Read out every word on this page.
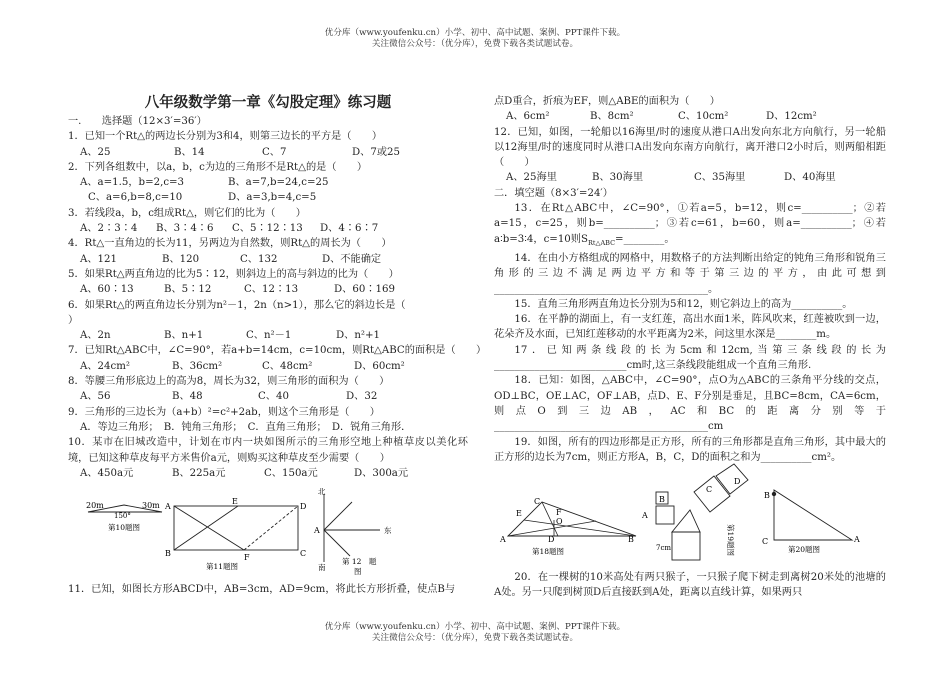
优分库（www.youfenku.cn）小学、初中、高中试题、案例、PPT课件下载。
关注微信公众号：（优分库），免费下载各类试题试卷。
八年级数学第一章《勾股定理》练习题
一.　　选择题（12×3′=36′）
1．已知一个Rt△的两边长分别为3和4，则第三边长的平方是（　　）
A、25	B、14	C、7	D、7或25
2．下列各组数中，以a，b，c为边的三角形不是Rt△的是（　　）
A、a=1.5，b=2,c=3	B、a=7,b=24,c=25
C、a=6,b=8,c=10	D、a=3,b=4,c=5
3．若线段a，b，c组成Rt△，则它们的比为（　　）
A、2∶3∶4	B、3∶4∶6	C、5∶12∶13	D、4∶6∶7
4．Rt△一直角边的长为11，另两边为自然数，则Rt△的周长为（　　）
A、121	B、120	C、132	D、不能确定
5．如果Rt△两直角边的比为5∶12，则斜边上的高与斜边的比为（　　）
A、60∶13	B、5∶12	C、12∶13	D、60∶169
6．如果Rt△的两直角边长分别为n²－1，2n（n>1），那么它的斜边长是（
）
A、2n	B、n+1	C、n²－1	D、n²+1
7．已知Rt△ABC中，∠C=90°，若a+b=14cm，c=10cm，则Rt△ABC的面积是（　　）
A、24cm²	B、36cm²	C、48cm²	D、60cm²
8．等腰三角形底边上的高为8，周长为32，则三角形的面积为（　　）
A、56	B、48	C、40	D、32
9．三角形的三边长为（a+b）²=c²+2ab，则这个三角形是（　　）
A．等边三角形；　B．钝角三角形；　C．直角三角形；　D．锐角三角形．
10．某市在旧城改造中，计划在市内一块如图所示的三角形空地上种植草皮以美化环境，已知这种草皮每平方米售价a元，则购买这种草皮至少需要（　　）
A、450a元	B、225a元	C、150a元	D、300a元
20m	30m
150°
第10题图
A
E
D
B	F	C
第11题图
北
东
A
南
第 12　题
图
11．已知，如图长方形ABCD中，AB=3cm，AD=9cm，将此长方形折叠，使点B与
点D重合，折痕为EF，则△ABE的面积为（　　）
A、6cm²	B、8cm²	C、10cm²	D、12cm²
12．已知，如图，一轮船以16海里/时的速度从港口A出发向东北方向航行，另一轮船以12海里/时的速度同时从港口A出发向东南方向航行，离开港口2小时后，则两船相距（　　）
A、25海里	B、30海里	C、35海里	D、40海里
二．填空题（8×3′=24′）
13．在Rt△ABC中，∠C=90°，①若a=5，b=12，则c=__________；②若a=15，c=25，则b=__________；③若c=61，b=60，则a=__________；④若a∶b=3∶4，c=10则$S_{Rt\triangle ABC}=\_\_\_\_\_\_\_\_$。
14．在由小方格组成的网格中，用数格子的方法判断出给定的钝角三角形和锐角三角形的三边不满足两边平方和等于第三边的平方，由此可想到__________________________________________。
15．直角三角形两直角边长分别为5和12，则它斜边上的高为__________。
16．在平静的湖面上，有一支红莲，高出水面1米，阵风吹来，红莲被吹到一边，花朵齐及水面，已知红莲移动的水平距离为2米，问这里水深是________m。
17．已知两条线段的长为5cm和12cm,当第三条线段的长为__________________________cm时,这三条线段能组成一个直角三角形.
18．已知：如图，△ABC中，∠C=90°，点O为△ABC的三条角平分线的交点，OD⊥BC，OE⊥AC，OF⊥AB，点D、E、F分别是垂足，且BC=8cm，CA=6cm，则点O到三边AB，AC和BC的距离分别等于__________________________________________cm
19．如图，所有的四边形都是正方形，所有的三角形都是直角三角形，其中最大的正方形的边长为7cm，则正方形A，B，C，D的面积之和为__________cm²。
C
E	F
O
A	D	B
第18题图
C
D
B
A
7cm	第19题图
B
C	A
第20题图
20．在一棵树的10米高处有两只猴子，一只猴子爬下树走到离树20米处的池塘的A处。另一只爬到树顶D后直接跃到A处，距离以直线计算，如果两只
优分库（www.youfenku.cn）小学、初中、高中试题、案例、PPT课件下载。
关注微信公众号：（优分库），免费下载各类试题试卷。
